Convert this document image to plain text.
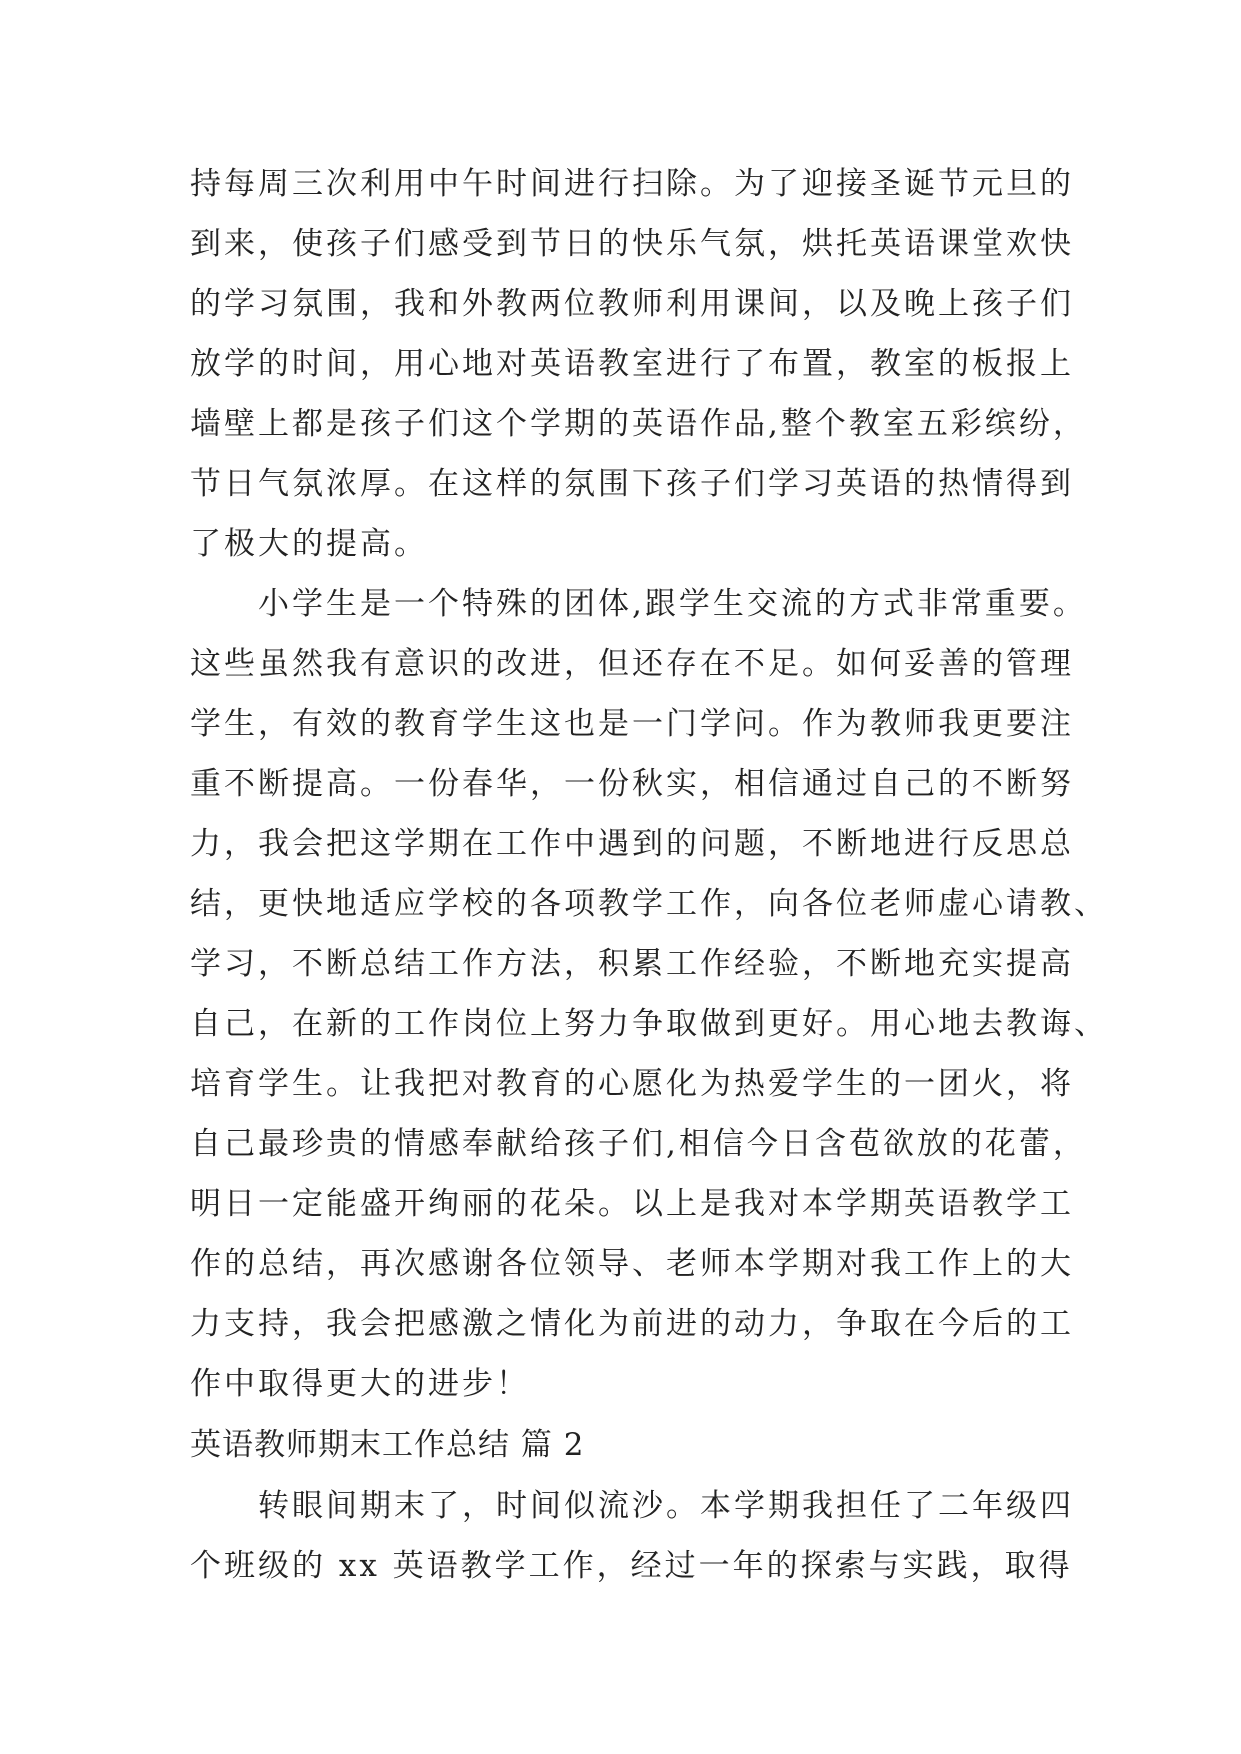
持每周三次利用中午时间进行扫除。为了迎接圣诞节元旦的
到来，使孩子们感受到节日的快乐气氛，烘托英语课堂欢快
的学习氛围，我和外教两位教师利用课间，以及晚上孩子们
放学的时间，用心地对英语教室进行了布置，教室的板报上
墙壁上都是孩子们这个学期的英语作品,整个教室五彩缤纷，
节日气氛浓厚。在这样的氛围下孩子们学习英语的热情得到
了极大的提高。
　　小学生是一个特殊的团体,跟学生交流的方式非常重要。
这些虽然我有意识的改进，但还存在不足。如何妥善的管理
学生，有效的教育学生这也是一门学问。作为教师我更要注
重不断提高。一份春华，一份秋实，相信通过自己的不断努
力，我会把这学期在工作中遇到的问题，不断地进行反思总
结，更快地适应学校的各项教学工作，向各位老师虚心请教、
学习，不断总结工作方法，积累工作经验，不断地充实提高
自己，在新的工作岗位上努力争取做到更好。用心地去教诲、
培育学生。让我把对教育的心愿化为热爱学生的一团火，将
自己最珍贵的情感奉献给孩子们,相信今日含苞欲放的花蕾，
明日一定能盛开绚丽的花朵。以上是我对本学期英语教学工
作的总结，再次感谢各位领导、老师本学期对我工作上的大
力支持，我会把感激之情化为前进的动力，争取在今后的工
作中取得更大的进步！
英语教师期末工作总结 篇 2
　　转眼间期末了，时间似流沙。本学期我担任了二年级四
个班级的 xx 英语教学工作，经过一年的探索与实践，取得
